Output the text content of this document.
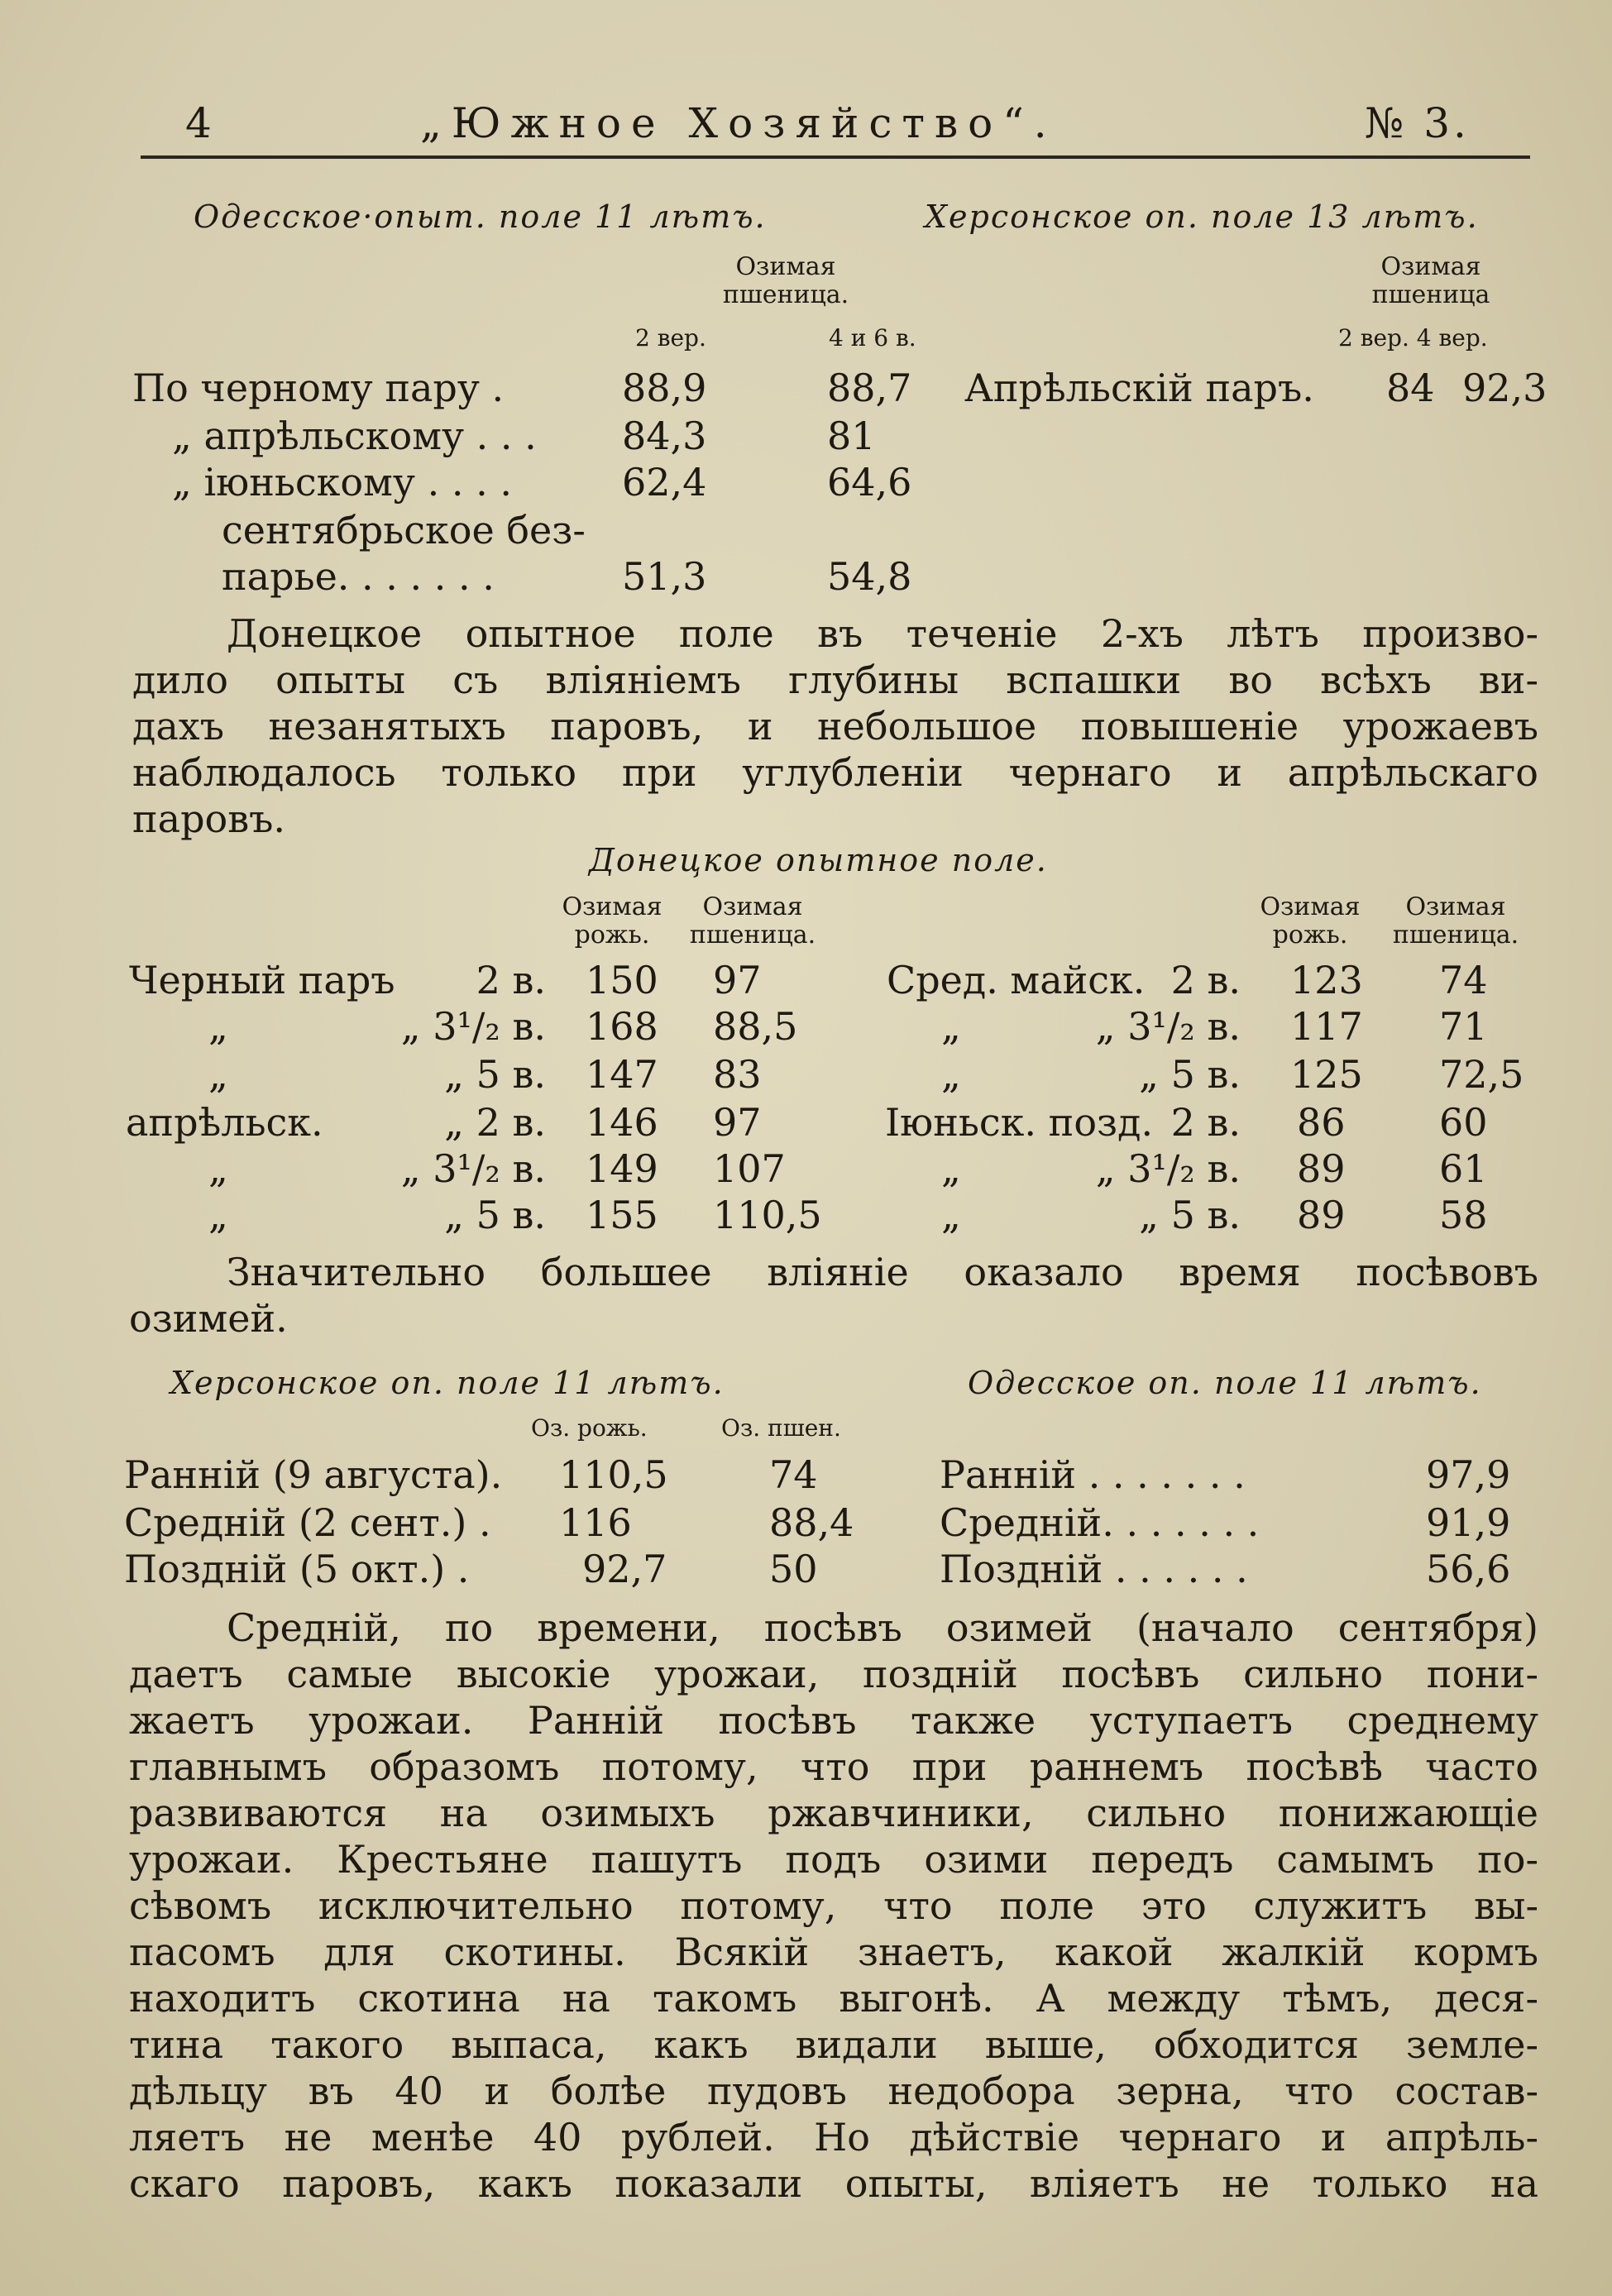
4	„Южное Хозяйство“.	№ 3.
Одесское·опыт. поле 11 лѣтъ.	Херсонское оп. поле 13 лѣтъ.
Озимая пшеница.
Озимая пшеница
2 вер.	4 и 6 в.	2 вер. 4 вер.
По черному пару .	88,9	88,7
„ апрѣльскому . . . 84,3	81
„ іюньскому . . . .	62,4	64,6
сентябрьское без-
парье. . . . . . .	51,3	54,8
Апрѣльскій паръ. 84 92,3
Донецкое опытное поле въ теченіе 2-хъ лѣтъ произво-
дило опыты съ вліяніемъ глубины вспашки во всѣхъ ви-
дахъ незанятыхъ паровъ, и небольшое повышеніе урожаевъ
наблюдалось только при углубленіи чернаго и апрѣльскаго
паровъ.
Донецкое опытное поле.
Озимая рожь.
Озимая пшеница.
Озимая рожь.
Озимая пшеница.
Черный паръ	2 в. 150 97
„	„ 3¹/₂ в. 168 88,5
„	„ 5 в. 147 83
апрѣльск.	„ 2 в. 146 97
„	„ 3¹/₂ в. 149 107
„	„ 5 в. 155 110,5
Сред. майск. 2 в. 123 74
„	„ 3¹/₂ в. 117 71
„	„ 5 в. 125 72,5
Іюньск. позд. 2 в. 86 60
„	„ 3¹/₂ в. 89 61
„	„ 5 в. 89 58
Значительно большее вліяніе оказало время посѣвовъ
озимей.
Херсонское оп. поле 11 лѣтъ.	Одесское оп. поле 11 лѣтъ.
Оз. рожь.	Оз. пшен.
Ранній (9 августа). 110,5	74
Средній (2 сент.) . 116	88,4
Поздній (5 окт.) .	92,7	50
Ранній . . . . . . .	97,9
Средній. . . . . . .	91,9
Поздній . . . . . .	56,6
Средній, по времени, посѣвъ озимей (начало сентября)
даетъ самые высокіе урожаи, поздній посѣвъ сильно пони-
жаетъ урожаи. Ранній посѣвъ также уступаетъ среднему
главнымъ образомъ потому, что при раннемъ посѣвѣ часто
развиваются на озимыхъ ржавчиники, сильно понижающіе
урожаи. Крестьяне пашутъ подъ озими передъ самымъ по-
сѣвомъ исключительно потому, что поле это служитъ вы-
пасомъ для скотины. Всякій знаетъ, какой жалкій кормъ
находитъ скотина на такомъ выгонѣ. А между тѣмъ, деся-
тина такого выпаса, какъ видали выше, обходится земле-
дѣльцу въ 40 и болѣе пудовъ недобора зерна, что состав-
ляетъ не менѣе 40 рублей. Но дѣйствіе чернаго и апрѣль-
скаго паровъ, какъ показали опыты, вліяетъ не только на
